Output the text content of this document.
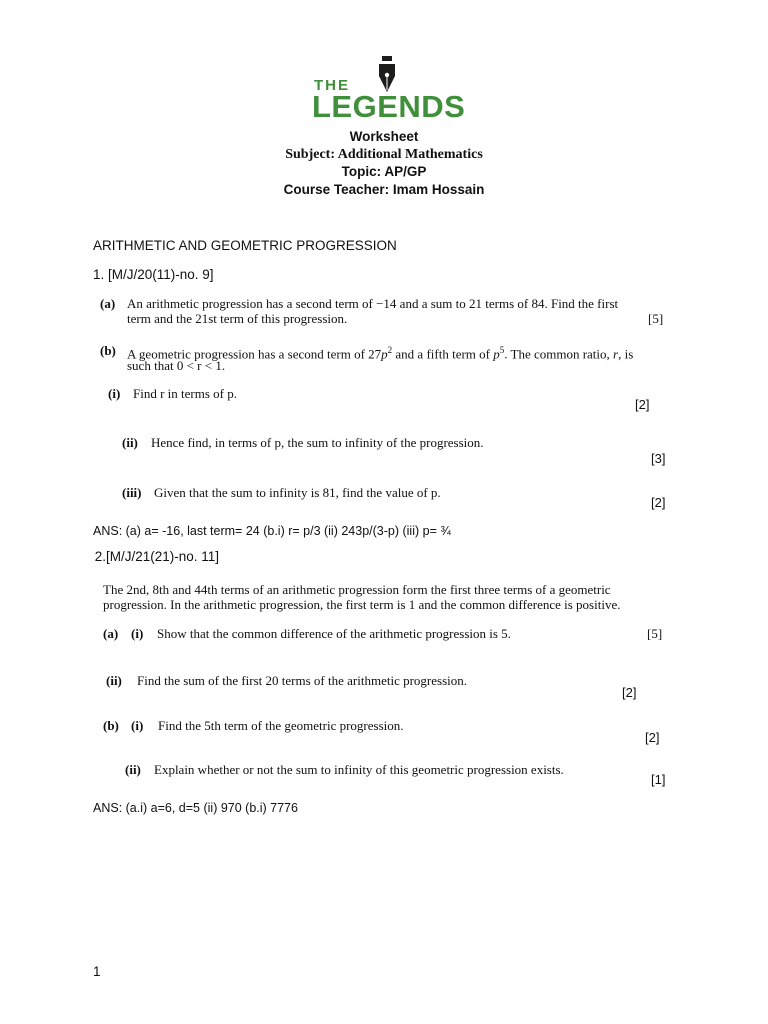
THE
LEGENDS
Worksheet
Subject: Additional Mathematics
Topic: AP/GP
Course Teacher: Imam Hossain
ARITHMETIC AND GEOMETRIC PROGRESSION
1. [M/J/20(11)-no. 9]
(a) An arithmetic progression has a second term of −14 and a sum to 21 terms of 84. Find the first
term and the 21st term of this progression.	[5]
(b) A geometric progression has a second term of $27p^2$ and a fifth term of $p^5$. The common ratio, r, is
such that 0 < r < 1.
(i) Find r in terms of p.
[2]
(ii) Hence find, in terms of p, the sum to infinity of the progression.
[3]
(iii) Given that the sum to infinity is 81, find the value of p.
[2]
ANS: (a) a= -16, last term= 24 (b.i) r= p/3 (ii) 243p/(3-p) (iii) p= ¾
2.[M/J/21(21)-no. 11]
The 2nd, 8th and 44th terms of an arithmetic progression form the first three terms of a geometric
progression. In the arithmetic progression, the first term is 1 and the common difference is positive.
(a) (i) Show that the common difference of the arithmetic progression is 5.	[5]
(ii) Find the sum of the first 20 terms of the arithmetic progression.
[2]
(b) (i) Find the 5th term of the geometric progression.
[2]
(ii) Explain whether or not the sum to infinity of this geometric progression exists.
[1]
ANS: (a.i) a=6, d=5 (ii) 970 (b.i) 7776
1
